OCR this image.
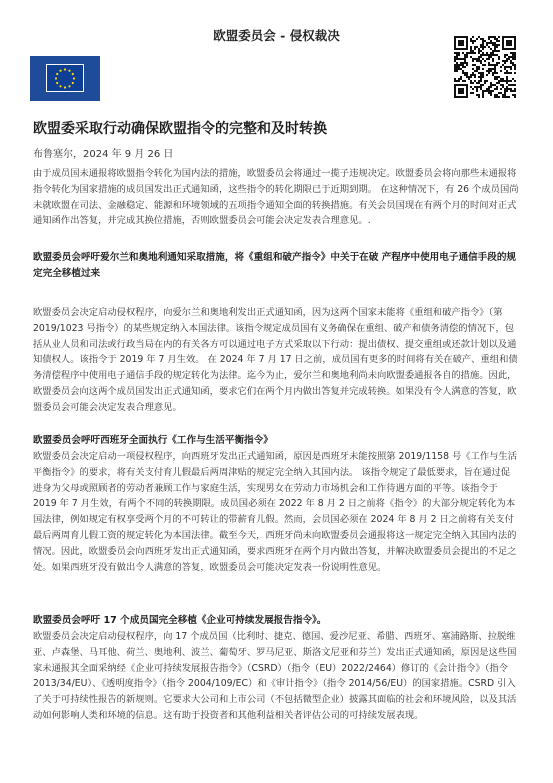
欧盟委员会 - 侵权裁决
欧盟委采取行动确保欧盟指令的完整和及时转换
布鲁塞尔，2024 年 9 月 26 日
由于成员国未通报将欧盟指令转化为国内法的措施，欧盟委员会将通过一揽子违规决定。欧盟委员会将向那些未通报将指令转化为国家措施的成员国发出正式通知函，这些指令的转化期限已于近期到期。 在这种情况下，有 26 个成员国尚未就欧盟在司法、金融稳定、能源和环境领域的五项指令通知全面的转换措施。有关会员国现在有两个月的时间对正式通知函作出答复，并完成其换位措施，否则欧盟委员会可能会决定发表合理意见。.
欧盟委员会呼吁爱尔兰和奥地利通知采取措施，将《重组和破产指令》中关于在破 产程序中使用电子通信手段的规定完全移植过来
欧盟委员会决定启动侵权程序，向爱尔兰和奥地利发出正式通知函，因为这两个国家未能将《重组和破产指令》（第 2019/1023 号指令）的某些规定纳入本国法律。该指令规定成员国有义务确保在重组、破产和债务清偿的情况下，包括从业人员和司法或行政当局在内的有关各方可以通过电子方式采取以下行动：提出债权、提交重组或还款计划以及通知债权人。该指令于 2019 年 7 月生效。 在 2024 年 7 月 17 日之前，成员国有更多的时间将有关在破产、重组和债务清偿程序中使用电子通信手段的规定转化为法律。迄今为止，爱尔兰和奥地利尚未向欧盟委通报各自的措施。因此，欧盟委员会向这两个成员国发出正式通知函，要求它们在两个月内做出答复并完成转换。如果没有令人满意的答复，欧盟委员会可能会决定发表合理意见。
欧盟委员会呼吁西班牙全面执行《工作与生活平衡指令》
欧盟委员会决定启动一项侵权程序，向西班牙发出正式通知函，原因是西班牙未能按照第 2019/1158 号《工作与生活平衡指令》的要求，将有关支付育儿假最后两周津贴的规定完全纳入其国内法。 该指令规定了最低要求，旨在通过促进身为父母或照顾者的劳动者兼顾工作与家庭生活，实现男女在劳动力市场机会和工作待遇方面的平等。该指令于 2019 年 7 月生效，有两个不同的转换期限。成员国必须在 2022 年 8 月 2 日之前将《指令》的大部分规定转化为本国法律，例如规定有权享受两个月的不可转让的带薪育儿假。然而，会员国必须在 2024 年 8 月 2 日之前将有关支付最后两周育儿假工资的规定转化为本国法律。截至今天，西班牙尚未向欧盟委员会通报将这一规定完全纳入其国内法的情况。因此，欧盟委员会向西班牙发出正式通知函，要求西班牙在两个月内做出答复，并解决欧盟委员会提出的不足之处。如果西班牙没有做出令人满意的答复，欧盟委员会可能决定发表一份说明性意见。
欧盟委员会呼吁 17 个成员国完全移植《企业可持续发展报告指令》。
欧盟委员会决定启动侵权程序，向 17 个成员国（比利时、捷克、德国、爱沙尼亚、希腊、西班牙、塞浦路斯、拉脱维亚、卢森堡、马耳他、荷兰、奥地利、波兰、葡萄牙、罗马尼亚、斯洛文尼亚和芬兰）发出正式通知函，原因是这些国家未通报其全面采纳经《企业可持续发展报告指令》（CSRD）（指令（EU）2022/2464）修订的《会计指令》（指令 2013/34/EU）、《透明度指令》（指令 2004/109/EC）和《审计指令》（指令 2014/56/EU）的国家措施。CSRD 引入了关于可持续性报告的新规则。它要求大公司和上市公司（不包括微型企业）披露其面临的社会和环境风险，以及其活动如何影响人类和环境的信息。这有助于投资者和其他利益相关者评估公司的可持续发展表现。
